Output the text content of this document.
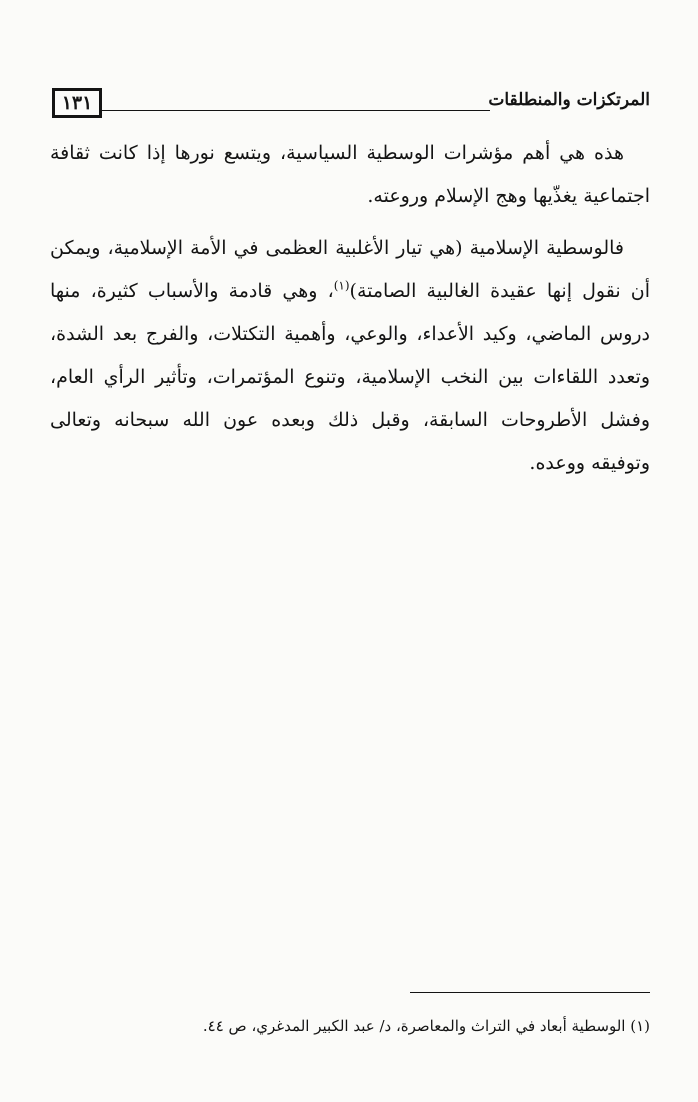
١٣١	المرتكزات والمنطلقات

هذه هي أهم مؤشرات الوسطية السياسية، ويتسع نورها إذا كانت ثقافة اجتماعية يغذّيها وهج الإسلام وروعته.

فالوسطية الإسلامية (هي تيار الأغلبية العظمى في الأمة الإسلامية، ويمكن أن نقول إنها عقيدة الغالبية الصامتة)$^{(١)}$، وهي قادمة والأسباب كثيرة، منها دروس الماضي، وكيد الأعداء، والوعي، وأهمية التكتلات، والفرج بعد الشدة، وتعدد اللقاءات بين النخب الإسلامية، وتنوع المؤتمرات، وتأثير الرأي العام، وفشل الأطروحات السابقة، وقبل ذلك وبعده عون الله سبحانه وتعالى وتوفيقه ووعده.

(١) الوسطية أبعاد في التراث والمعاصرة، د/ عبد الكبير المدغري، ص ٤٤.
